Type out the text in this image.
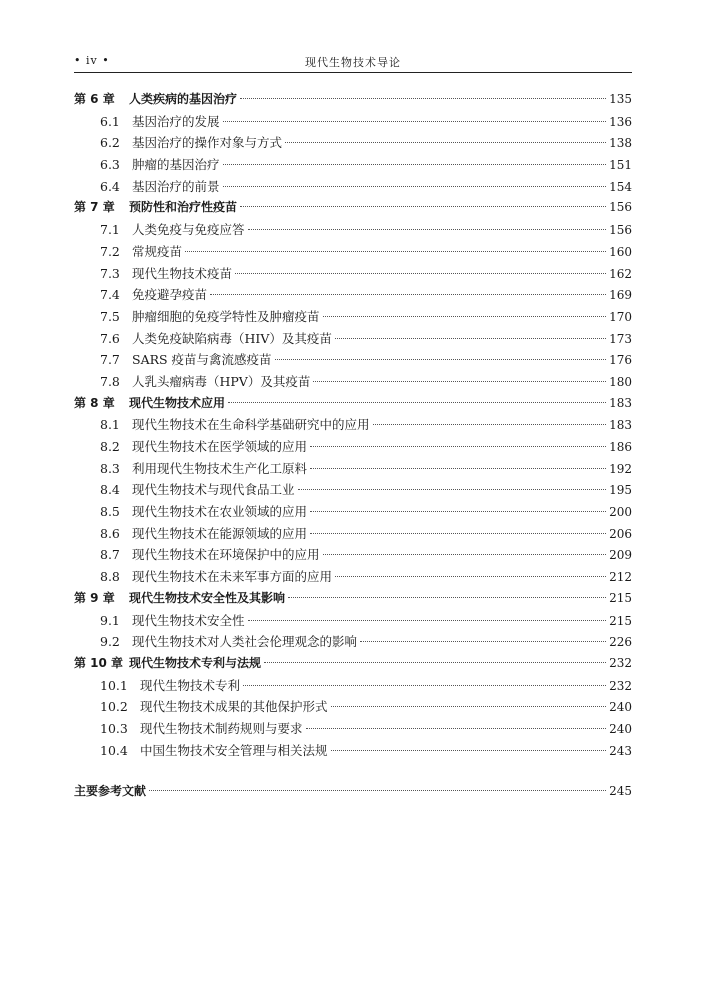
• iv •	现代生物技术导论
第 6 章	人类疾病的基因治疗	135
6.1 基因治疗的发展	136
6.2 基因治疗的操作对象与方式	138
6.3 肿瘤的基因治疗	151
6.4 基因治疗的前景	154
第 7 章	预防性和治疗性疫苗	156
7.1 人类免疫与免疫应答	156
7.2 常规疫苗	160
7.3 现代生物技术疫苗	162
7.4 免疫避孕疫苗	169
7.5 肿瘤细胞的免疫学特性及肿瘤疫苗	170
7.6 人类免疫缺陷病毒（HIV）及其疫苗	173
7.7 SARS 疫苗与禽流感疫苗	176
7.8 人乳头瘤病毒（HPV）及其疫苗	180
第 8 章	现代生物技术应用	183
8.1 现代生物技术在生命科学基础研究中的应用	183
8.2 现代生物技术在医学领域的应用	186
8.3 利用现代生物技术生产化工原料	192
8.4 现代生物技术与现代食品工业	195
8.5 现代生物技术在农业领域的应用	200
8.6 现代生物技术在能源领域的应用	206
8.7 现代生物技术在环境保护中的应用	209
8.8 现代生物技术在未来军事方面的应用	212
第 9 章	现代生物技术安全性及其影响	215
9.1 现代生物技术安全性	215
9.2 现代生物技术对人类社会伦理观念的影响	226
第 10 章 现代生物技术专利与法规	232
10.1 现代生物技术专利	232
10.2 现代生物技术成果的其他保护形式	240
10.3 现代生物技术制药规则与要求	240
10.4 中国生物技术安全管理与相关法规	243
主要参考文献	245
